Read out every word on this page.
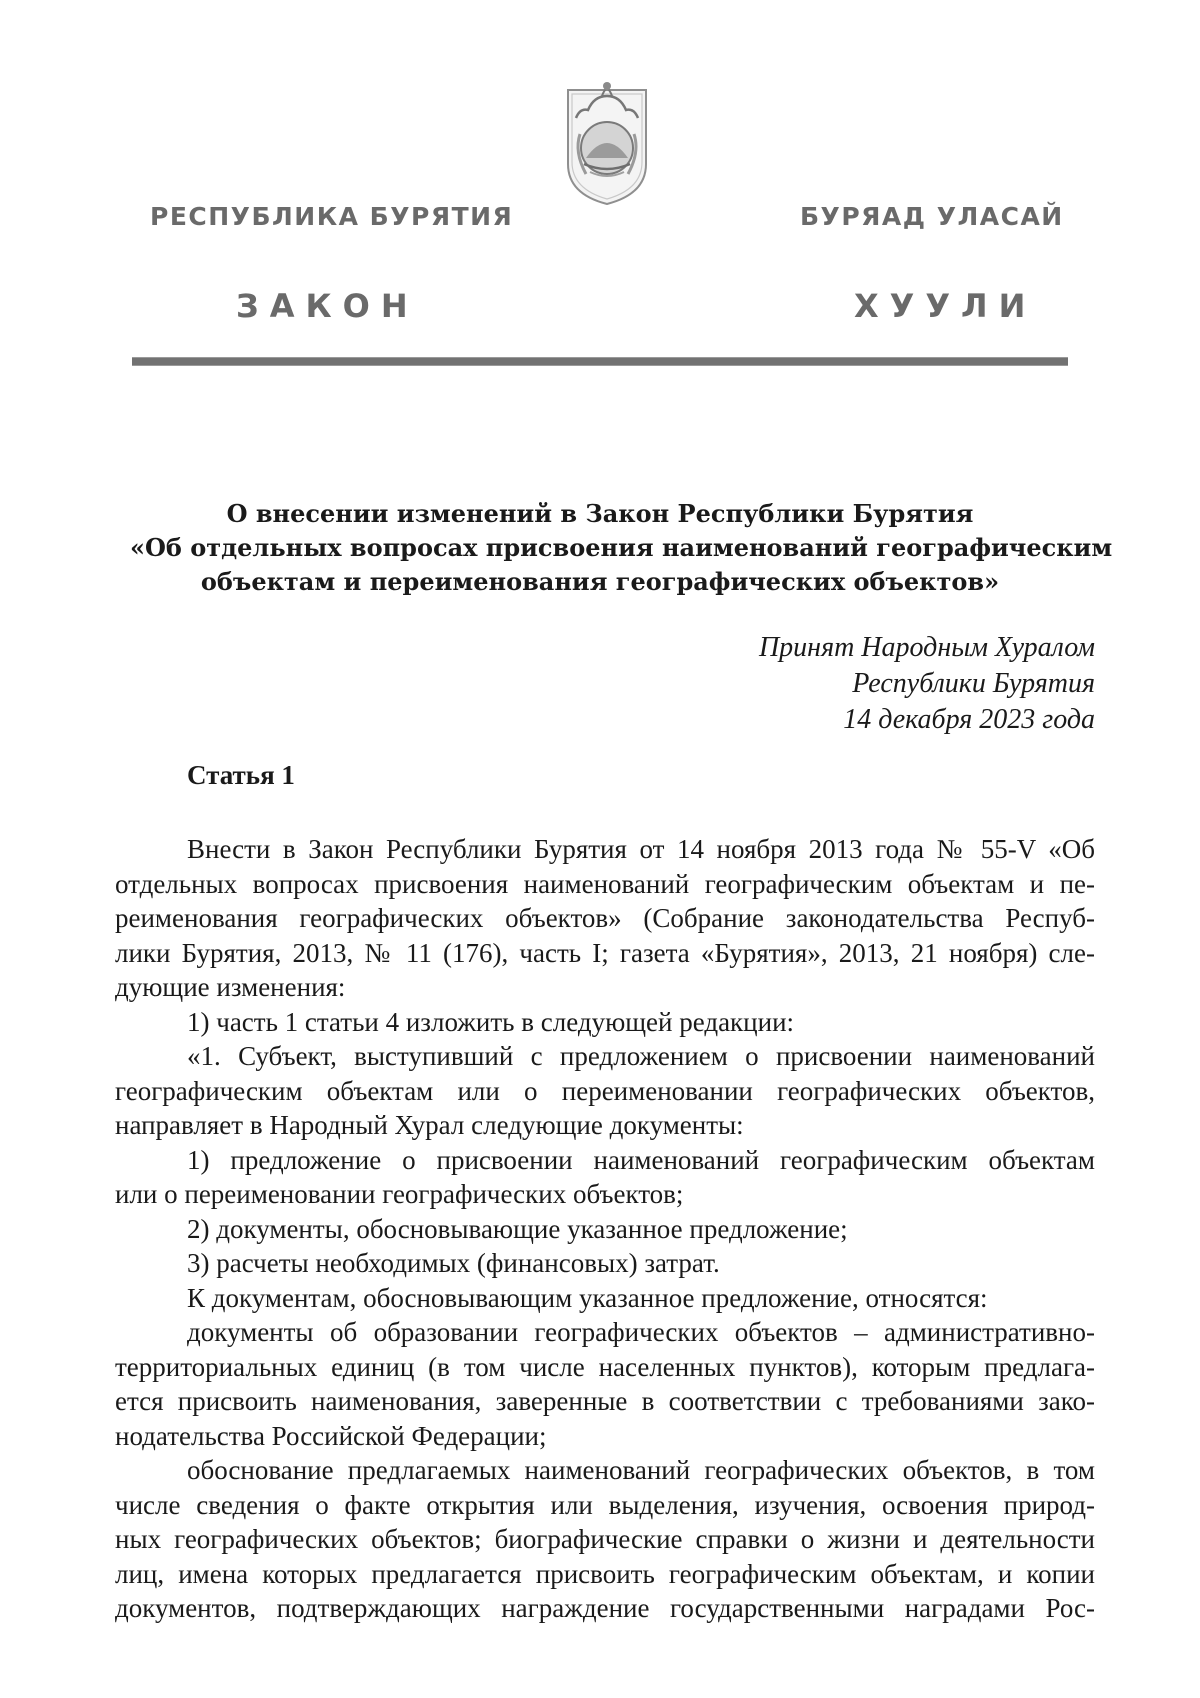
РЕСПУБЛИКА БУРЯТИЯ	БУРЯАД УЛАСАЙ
ЗАКОН	ХУУЛИ
О внесении изменений в Закон Республики Бурятия
«Об отдельных вопросах присвоения наименований географическим
объектам и переименования географических объектов»
Принят Народным Хуралом
Республики Бурятия
14 декабря 2023 года
Статья 1
Внести в Закон Республики Бурятия от 14 ноября 2013 года № 55-V «Об
отдельных вопросах присвоения наименований географическим объектам и пе-
реименования географических объектов» (Собрание законодательства Респуб-
лики Бурятия, 2013, № 11 (176), часть I; газета «Бурятия», 2013, 21 ноября) сле-
дующие изменения:
1) часть 1 статьи 4 изложить в следующей редакции:
«1. Субъект, выступивший с предложением о присвоении наименований
географическим объектам или о переименовании географических объектов,
направляет в Народный Хурал следующие документы:
1) предложение о присвоении наименований географическим объектам
или о переименовании географических объектов;
2) документы, обосновывающие указанное предложение;
3) расчеты необходимых (финансовых) затрат.
К документам, обосновывающим указанное предложение, относятся:
документы об образовании географических объектов – административно-
территориальных единиц (в том числе населенных пунктов), которым предлага-
ется присвоить наименования, заверенные в соответствии с требованиями зако-
нодательства Российской Федерации;
обоснование предлагаемых наименований географических объектов, в том
числе сведения о факте открытия или выделения, изучения, освоения природ-
ных географических объектов; биографические справки о жизни и деятельности
лиц, имена которых предлагается присвоить географическим объектам, и копии
документов, подтверждающих награждение государственными наградами Рос-
